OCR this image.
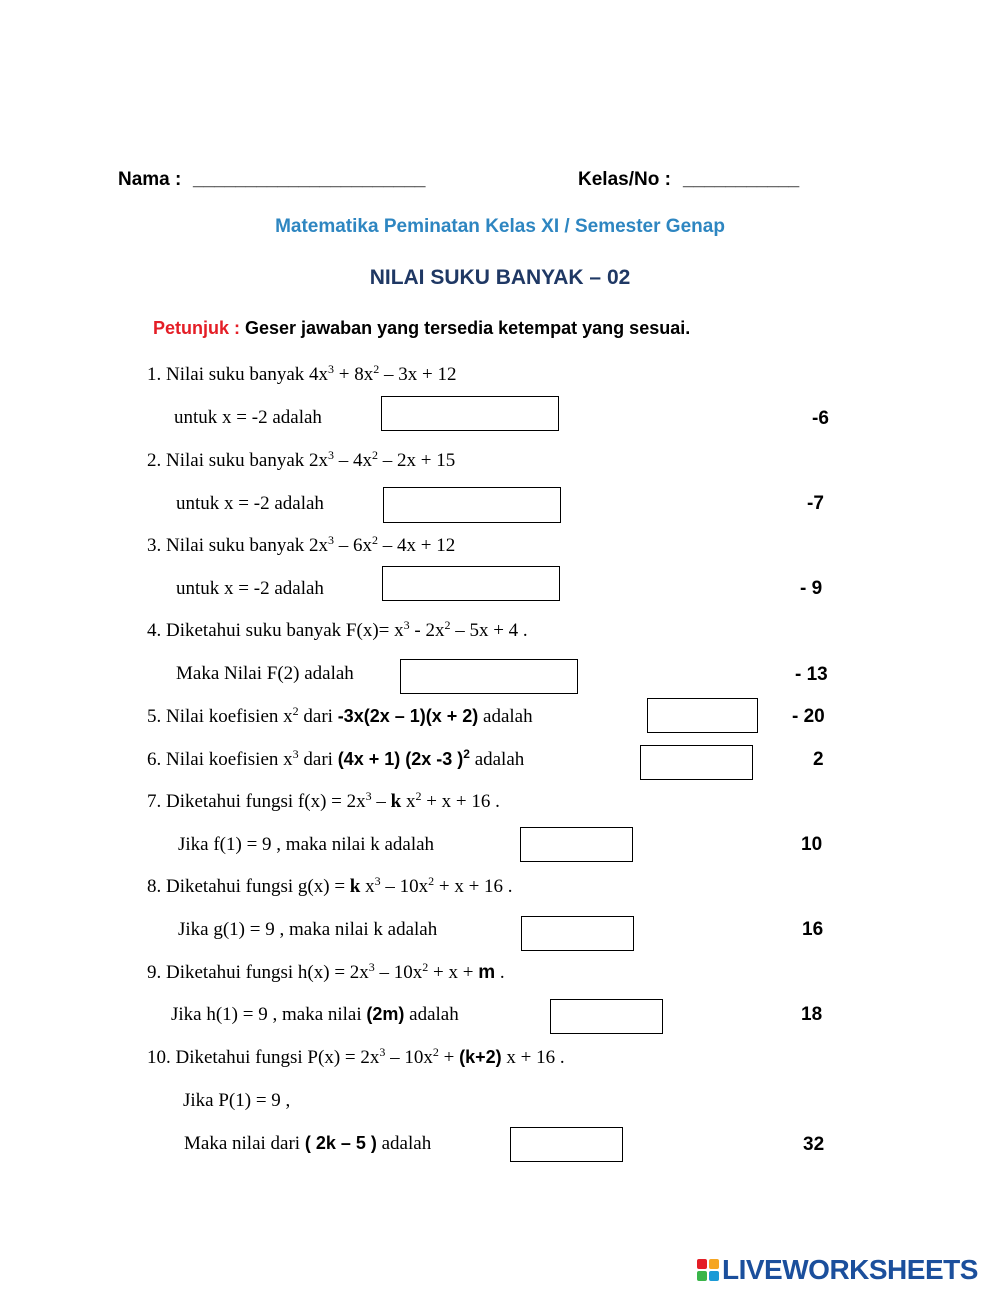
Nama : ______________________	Kelas/No : ___________
Matematika Peminatan Kelas XI / Semester Genap
NILAI SUKU BANYAK – 02
Petunjuk : Geser jawaban yang tersedia ketempat yang sesuai.
1. Nilai suku banyak $4x^3 + 8x^2 - 3x + 12$
untuk x = -2 adalah	-6
2. Nilai suku banyak $2x^3 - 4x^2 - 2x + 15$
untuk x = -2 adalah	-7
3. Nilai suku banyak $2x^3 - 6x^2 - 4x + 12$
untuk x = -2 adalah	- 9
4. Diketahui suku banyak $F(x)= x^3 - 2x^2 - 5x + 4$ .
Maka Nilai F(2) adalah	- 13
5. Nilai koefisien $x^2$ dari -3x(2x – 1)(x + 2) adalah	- 20
6. Nilai koefisien $x^3$ dari (4x + 1) (2x -3 )$^2$ adalah	2
7. Diketahui fungsi $f(x) = 2x^3 - k$ $x^2 + x + 16$ .
Jika f(1) = 9 , maka nilai k adalah	10
8. Diketahui fungsi g(x) = k $x^3 - 10x^2 + x + 16$ .
Jika g(1) = 9 , maka nilai k adalah	16
9. Diketahui fungsi $h(x) = 2x^3 - 10x^2 + x + m$ .
Jika h(1) = 9 , maka nilai (2m) adalah	18
10. Diketahui fungsi $P(x) = 2x^3 - 10x^2 + (k+2) x + 16$ .
Jika P(1) = 9 ,
Maka nilai dari ( 2k – 5 ) adalah	32
LIVEWORKSHEETS
